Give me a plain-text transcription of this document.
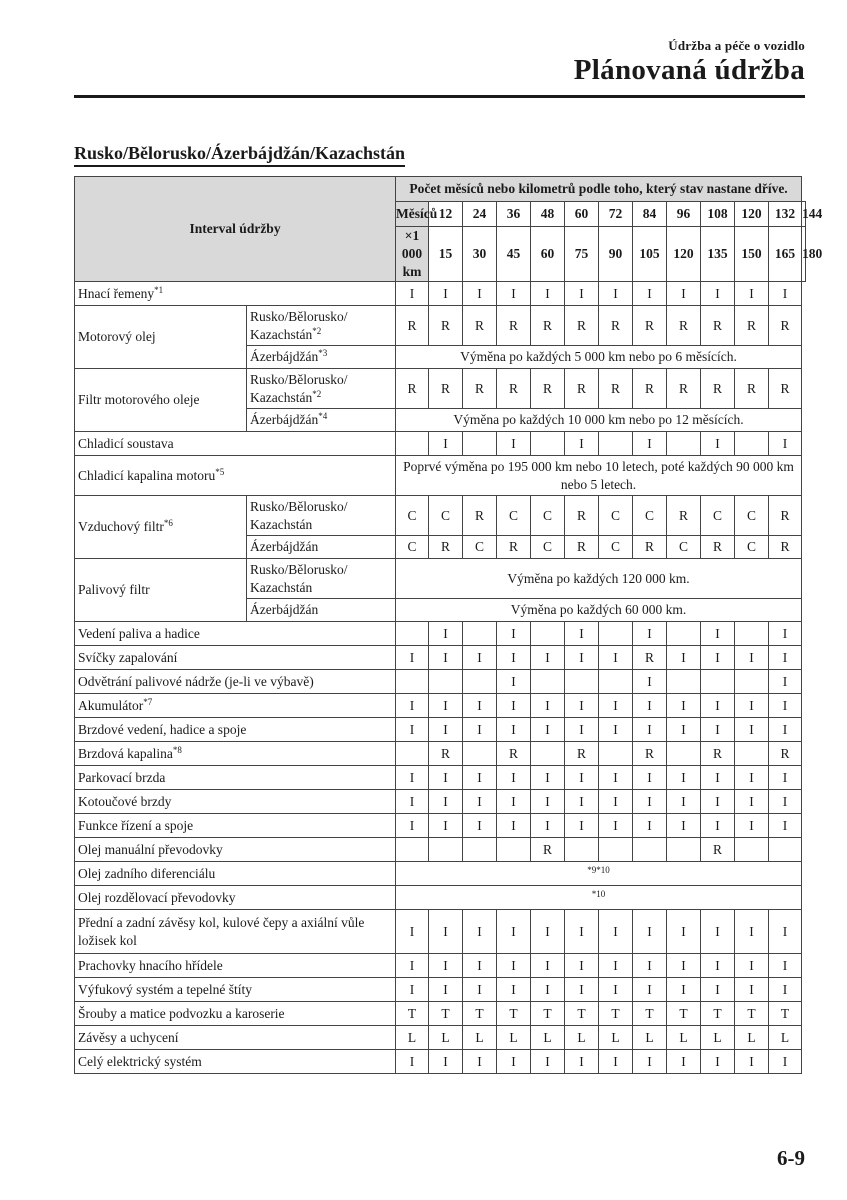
Údržba a péče o vozidlo
Plánovaná údržba
Rusko/Bělorusko/Ázerbájdžán/Kazachstán
Interval údržby		Počet měsíců nebo kilometrů podle toho, který stav nastane dříve.												
		Měsíců	12	24	36	48	60	72	84	96	108	120	132	144
		×1 000 km	15	30	45	60	75	90	105	120	135	150	165	180
Hnací řemeny$^{*1}$		I	I	I	I	I	I	I	I	I	I	I	I	
Motorový olej	Rusko/Bělorusko/ Kazachstán$^{*2}$	R	R	R	R	R	R	R	R	R	R	R	R	
	Ázerbájdžán$^{*3}$	Výměna po každých 5 000 km nebo po 6 měsících.												
Filtr motorového oleje	Rusko/Bělorusko/ Kazachstán$^{*2}$	R	R	R	R	R	R	R	R	R	R	R	R	
	Ázerbájdžán$^{*4}$	Výměna po každých 10 000 km nebo po 12 měsících.												
Chladicí soustava			I		I		I		I		I		I	
Chladicí kapalina motoru$^{*5}$		Poprvé výměna po 195 000 km nebo 10 letech, poté každých 90 000 km nebo 5 letech.												
Vzduchový filtr$^{*6}$	Rusko/Bělorusko/ Kazachstán	C	C	R	C	C	R	C	C	R	C	C	R	
	Ázerbájdžán	C	R	C	R	C	R	C	R	C	R	C	R	
Palivový filtr	Rusko/Bělorusko/ Kazachstán	Výměna po každých 120 000 km.												
	Ázerbájdžán	Výměna po každých 60 000 km.												
Vedení paliva a hadice			I		I		I		I		I		I	
Svíčky zapalování		I	I	I	I	I	I	I	R	I	I	I	I	
Odvětrání palivové nádrže (je-li ve výbavě)					I				I				I	
Akumulátor$^{*7}$		I	I	I	I	I	I	I	I	I	I	I	I	
Brzdové vedení, hadice a spoje		I	I	I	I	I	I	I	I	I	I	I	I	
Brzdová kapalina$^{*8}$			R		R		R		R		R		R	
Parkovací brzda		I	I	I	I	I	I	I	I	I	I	I	I	
Kotoučové brzdy		I	I	I	I	I	I	I	I	I	I	I	I	
Funkce řízení a spoje		I	I	I	I	I	I	I	I	I	I	I	I	
Olej manuální převodovky						R					R			
Olej zadního diferenciálu		$^{*9*10}$
Olej rozdělovací převodovky		$^{*10}$
Přední a zadní závěsy kol, kulové čepy a axiální vůle ložisek kol		I	I	I	I	I	I	I	I	I	I	I	I	
Prachovky hnacího hřídele		I	I	I	I	I	I	I	I	I	I	I	I	
Výfukový systém a tepelné štíty		I	I	I	I	I	I	I	I	I	I	I	I	
Šrouby a matice podvozku a karoserie		T	T	T	T	T	T	T	T	T	T	T	T	
Závěsy a uchycení		L	L	L	L	L	L	L	L	L	L	L	L	
Celý elektrický systém		I	I	I	I	I	I	I	I	I	I	I	I	
6-9
